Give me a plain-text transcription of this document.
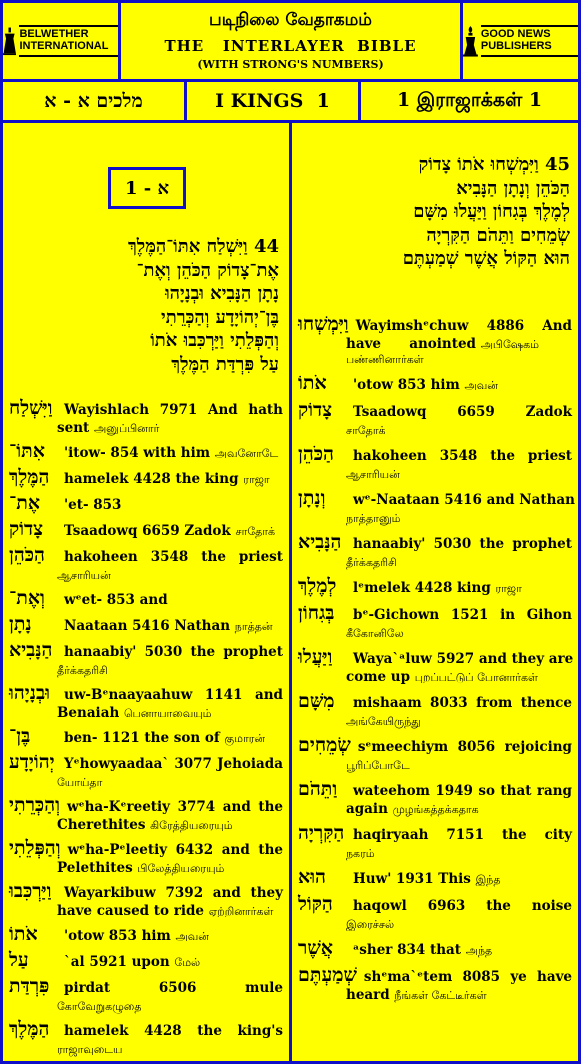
BELWETHER INTERNATIONAL
படிநிலை வேதாகமம்
THE   INTERLAYER  BIBLE
(WITH STRONG'S NUMBERS)
GOOD NEWS PUBLISHERS
מלכים א - א	I KINGS  1	1 இராஜாக்கள் 1
א - 1
44 וַיִּשְׁלַח אִתּוֹ־הַמֶּלֶךְ
אֶת־צָדוֹק הַכֹּהֵן וְאֶת־
נָתָן הַנָּבִיא וּבְנָיָהוּ
בֶּן־יְהוֹיָדָע וְהַכְּרֵתִי
וְהַפְּלֵתִי וַיַּרְכִּבוּ אֹתוֹ
עַל פִּרְדַּת הַמֶּלֶךְ
וַיִּשְׁלַח Wayishlach 7971 And hath
sent அனுப்பினார்
אִתּוֹ־	'itow- 854 with him அவனோடே
הַמֶּלֶךְ	hamelek 4428 the king ராஜா
אֶת־	'et- 853
צָדוֹק	Tsaadowq 6659 Zadok சாதோக்
הַכֹּהֵן	hakoheen 3548 the priest
ஆசாரியன்
וְאֶת־	wᵉet- 853 and
נָתָן	Naataan 5416 Nathan நாத்தன்
הַנָּבִיא hanaabiy' 5030 the prophet
தீர்க்கதரிசி
וּבְנָיָהוּ	uw-Bᵉnaayaahuw 1141 and
Benaiah பெனாயாவையும்
בֶּן־	ben- 1121 the son of குமாரன்
יְהוֹיָדָע Yᵉhowyaadaa` 3077 Jehoiada
யோய்தா
וְהַכְּרֵתִי wᵉha-Kᵉreetiy 3774 and the
Cherethites கிரேத்தியரையும்
וְהַפְּלֵתִי wᵉha-Pᵉleetiy 6432 and the
Pelethites பிலேத்தியரையும்
וַיַּרְכִּבוּ Wayarkibuw 7392 and they
have caused to ride ஏற்றினார்கள்
אֹתוֹ	'otow 853 him அவன்
עַל	`al 5921 upon மேல்
פִּרְדַּת	pirdat 6506 mule
கோவேறுகழுதை
הַמֶּלֶךְ	hamelek 4428 the king's
ராஜாவுடைய
45 וַיִּמְשְׁחוּ אֹתוֹ צָדוֹק
הַכֹּהֵן וְנָתָן הַנָּבִיא
לְמֶלֶךְ בְּגִחוֹן וַיַּעֲלוּ מִשָּׁם
שְׂמֵחִים וַתֵּהֹם הַקִּרְיָה
הוּא הַקּוֹל אֲשֶׁר שְׁמַעְתֶּם
וַיִּמְשְׁחוּ Wayimshᵉchuw 4886 And
have      anointed அபிஷேகம்
பண்ணினார்கள்
אֹתוֹ	'otow 853 him அவன்
צָדוֹק	Tsaadowq 6659 Zadok
சாதோக்
הַכֹּהֵן	hakoheen 3548 the priest
ஆசாரியன்
וְנָתָן	wᵉ-Naataan 5416 and Nathan
நாத்தானும்
הַנָּבִיא hanaabiy' 5030 the prophet
தீர்க்கதரிசி
לְמֶלֶךְ	lᵉmelek 4428 king ராஜா
בְּגִחוֹן	bᵉ-Gichown 1521 in Gihon
கீகோனிலே
וַיַּעֲלוּ	Waya`ᵃluw 5927 and they are
come up புறப்பட்டுப் போனார்கள்
מִשָּׁם	mishaam 8033 from thence
அங்கேயிருந்து
שְׂמֵחִים sᵉmeechiym 8056 rejoicing
பூரிப்போடே
וַתֵּהֹם	wateehom 1949 so that rang
again முழங்கத்தக்கதாக
הַקִּרְיָה haqiryaah 7151 the city
நகரம்
הוּא	Huw' 1931 This இந்த
הַקּוֹל	haqowl 6963 the noise
இரைச்சல்
אֲשֶׁר	ᵃsher 834 that அந்த
שְׁמַעְתֶּם shᵉma`ᵉtem 8085 ye have
heard நீங்கள் கேட்டீர்கள்
